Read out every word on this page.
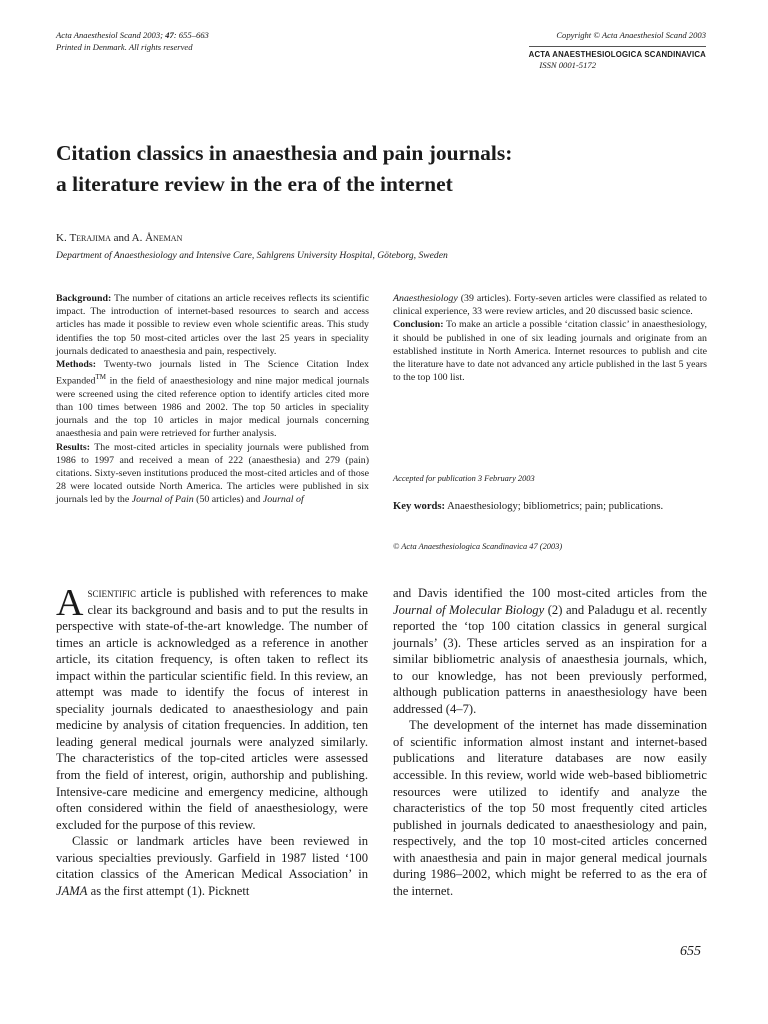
Acta Anaesthesiol Scand 2003; 47: 655–663
Printed in Denmark. All rights reserved
Copyright © Acta Anaesthesiol Scand 2003
ACTA ANAESTHESIOLOGICA SCANDINAVICA
ISSN 0001-5172
Citation classics in anaesthesia and pain journals:
a literature review in the era of the internet
K. Terajima and A. Åneman
Department of Anaesthesiology and Intensive Care, Sahlgrens University Hospital, Göteborg, Sweden

Background: The number of citations an article receives reflects its scientific impact. The introduction of internet-based resources to search and access articles has made it possible to review even whole scientific areas. This study identifies the top 50 most-cited articles over the last 25 years in speciality journals dedicated to anaesthesia and pain, respectively.

Methods: Twenty-two journals listed in The Science Citation Index Expanded™ in the field of anaesthesiology and nine major medical journals were screened using the cited reference option to identify articles cited more than 100 times between 1986 and 2002. The top 50 articles in speciality journals and the top 10 articles in major medical journals concerning anaesthesia and pain were retrieved for further analysis.

Results: The most-cited articles in speciality journals were published from 1986 to 1997 and received a mean of 222 (anaesthesia) and 279 (pain) citations. Sixty-seven institutions produced the most-cited articles and of those 28 were located outside North America. The articles were published in six journals led by the Journal of Pain (50 articles) and Journal of

Anaesthesiology (39 articles). Forty-seven articles were classified as related to clinical experience, 33 were review articles, and 20 discussed basic science.

Conclusion: To make an article a possible ‘citation classic’ in anaesthesiology, it should be published in one of six leading journals and originate from an established institute in North America. Internet resources to publish and cite the literature have to date not advanced any article published in the last 5 years to the top 100 list.

Accepted for publication 3 February 2003
Key words: Anaesthesiology; bibliometrics; pain; publications.
© Acta Anaesthesiologica Scandinavica 47 (2003)

Ascientific article is published with references to make clear its background and basis and to put the results in perspective with state-of-the-art knowledge. The number of times an article is acknowledged as a reference in another article, its citation frequency, is often taken to reflect its impact within the particular scientific field. In this review, an attempt was made to identify the focus of interest in speciality journals dedicated to anaesthesiology and pain medicine by analysis of citation frequencies. In addition, ten leading general medical journals were analyzed similarly. The characteristics of the top-cited articles were assessed from the field of interest, origin, authorship and publishing. Intensive-care medicine and emergency medicine, although often considered within the field of anaesthesiology, were excluded for the purpose of this review.

Classic or landmark articles have been reviewed in various specialties previously. Garfield in 1987 listed ‘100 citation classics of the American Medical Association’ in JAMA as the first attempt (1). Picknett

and Davis identified the 100 most-cited articles from the Journal of Molecular Biology (2) and Paladugu et al. recently reported the ‘top 100 citation classics in general surgical journals’ (3). These articles served as an inspiration for a similar bibliometric analysis of anaesthesia journals, which, to our knowledge, has not been previously performed, although publication patterns in anaesthesiology have been addressed (4–7).

The development of the internet has made dissemination of scientific information almost instant and internet-based publications and literature databases are now easily accessible. In this review, world wide web-based bibliometric resources were utilized to identify and analyze the characteristics of the top 50 most frequently cited articles published in journals dedicated to anaesthesiology and pain, respectively, and the top 10 most-cited articles concerned with anaesthesia and pain in major general medical journals during 1986–2002, which might be referred to as the era of the internet.

655
